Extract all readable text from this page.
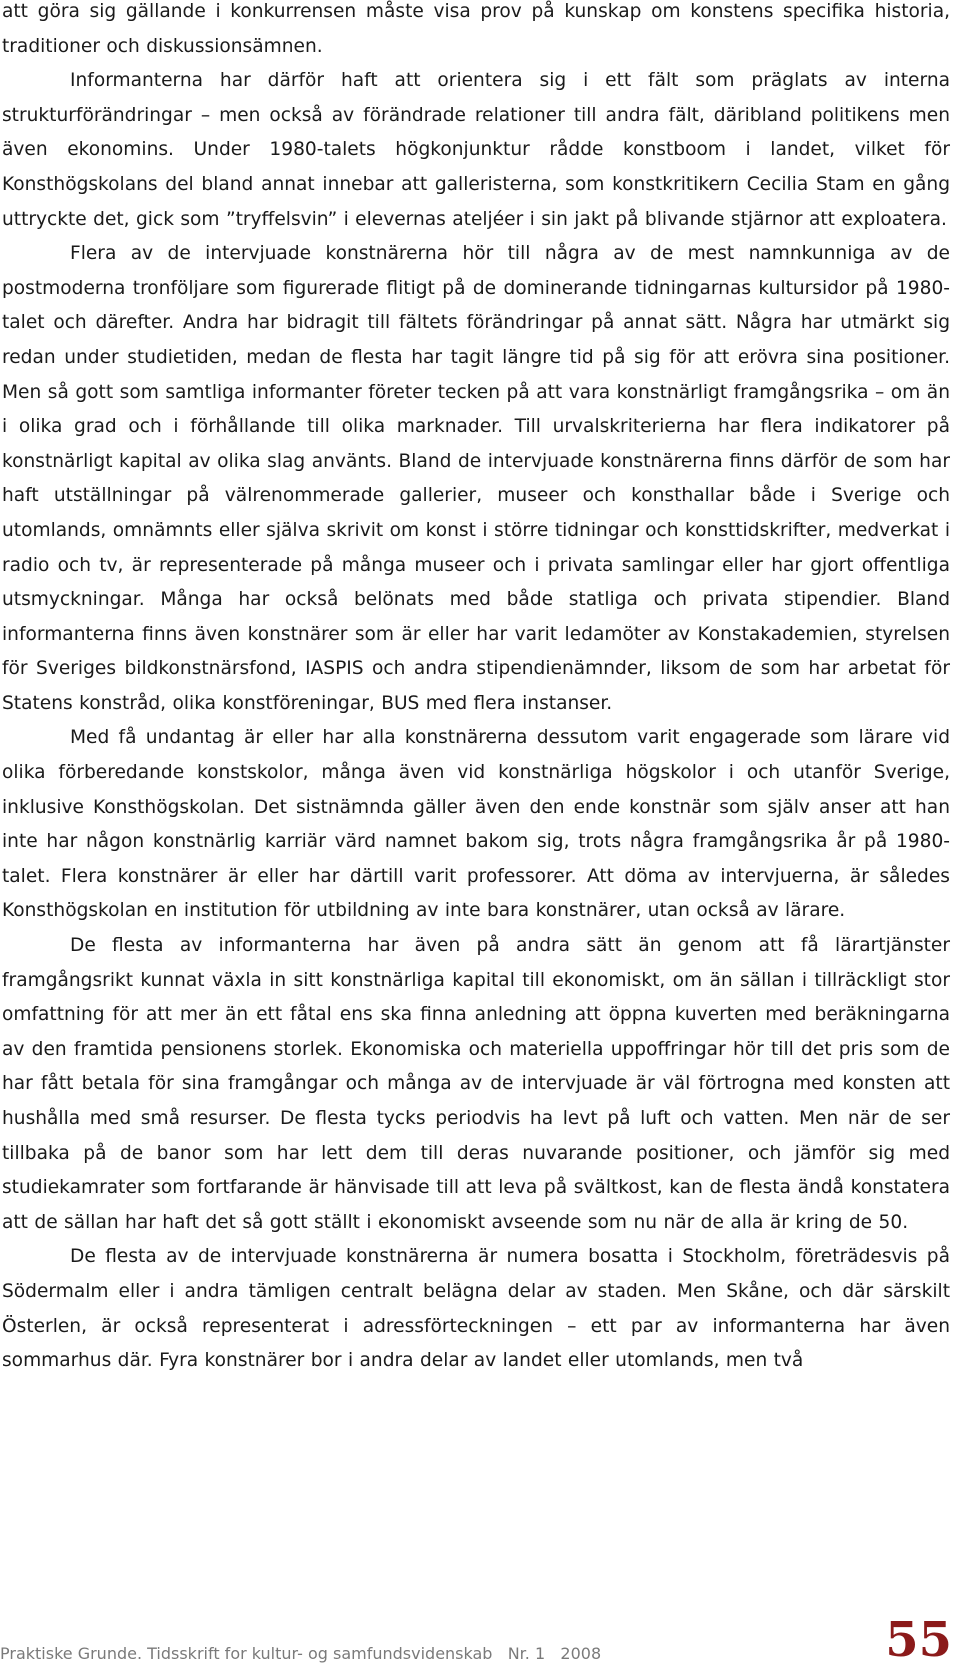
att göra sig gällande i konkurrensen måste visa prov på kunskap om konstens specifika historia, traditioner och diskussionsämnen.

Informanterna har därför haft att orientera sig i ett fält som präglats av interna strukturförändringar – men också av förändrade relationer till andra fält, däribland politikens men även ekonomins. Under 1980-talets högkonjunktur rådde konstboom i landet, vilket för Konsthögskolans del bland annat innebar att galleristerna, som konstkritikern Cecilia Stam en gång uttryckte det, gick som ”tryffelsvin” i elevernas ateljéer i sin jakt på blivande stjärnor att exploatera.

Flera av de intervjuade konstnärerna hör till några av de mest namnkunniga av de postmoderna tronföljare som figurerade flitigt på de dominerande tidningarnas kultursidor på 1980-talet och därefter. Andra har bidragit till fältets förändringar på annat sätt. Några har utmärkt sig redan under studietiden, medan de flesta har tagit längre tid på sig för att erövra sina positioner. Men så gott som samtliga informanter företer tecken på att vara konstnärligt framgångsrika – om än i olika grad och i förhållande till olika marknader. Till urvalskriterierna har flera indikatorer på konstnärligt kapital av olika slag använts. Bland de intervjuade konstnärerna finns därför de som har haft utställningar på välrenommerade gallerier, museer och konsthallar både i Sverige och utomlands, omnämnts eller själva skrivit om konst i större tidningar och konsttidskrifter, medverkat i radio och tv, är representerade på många museer och i privata samlingar eller har gjort offentliga utsmyckningar. Många har också belönats med både statliga och privata stipendier. Bland informanterna finns även konstnärer som är eller har varit ledamöter av Konstakademien, styrelsen för Sveriges bildkonstnärsfond, IASPIS och andra stipendienämnder, liksom de som har arbetat för Statens konstråd, olika konstföreningar, BUS med flera instanser.

Med få undantag är eller har alla konstnärerna dessutom varit engagerade som lärare vid olika förberedande konstskolor, många även vid konstnärliga högskolor i och utanför Sverige, inklusive Konsthögskolan. Det sistnämnda gäller även den ende konstnär som själv anser att han inte har någon konstnärlig karriär värd namnet bakom sig, trots några framgångsrika år på 1980-talet. Flera konstnärer är eller har därtill varit professorer. Att döma av intervjuerna, är således Konsthögskolan en institution för utbildning av inte bara konstnärer, utan också av lärare.

De flesta av informanterna har även på andra sätt än genom att få lärartjänster framgångsrikt kunnat växla in sitt konstnärliga kapital till ekonomiskt, om än sällan i tillräckligt stor omfattning för att mer än ett fåtal ens ska finna anledning att öppna kuverten med beräkningarna av den framtida pensionens storlek. Ekonomiska och materiella uppoffringar hör till det pris som de har fått betala för sina framgångar och många av de intervjuade är väl förtrogna med konsten att hushålla med små resurser. De flesta tycks periodvis ha levt på luft och vatten. Men när de ser tillbaka på de banor som har lett dem till deras nuvarande positioner, och jämför sig med studiekamrater som fortfarande är hänvisade till att leva på svältkost, kan de flesta ändå konstatera att de sällan har haft det så gott ställt i ekonomiskt avseende som nu när de alla är kring de 50.

De flesta av de intervjuade konstnärerna är numera bosatta i Stockholm, företrädesvis på Södermalm eller i andra tämligen centralt belägna delar av staden. Men Skåne, och där särskilt Österlen, är också representerat i adressförteckningen – ett par av informanterna har även sommarhus där. Fyra konstnärer bor i andra delar av landet eller utomlands, men två

Praktiske Grunde. Tidsskrift for kultur- og samfundsvidenskab   Nr. 1   2008	55
